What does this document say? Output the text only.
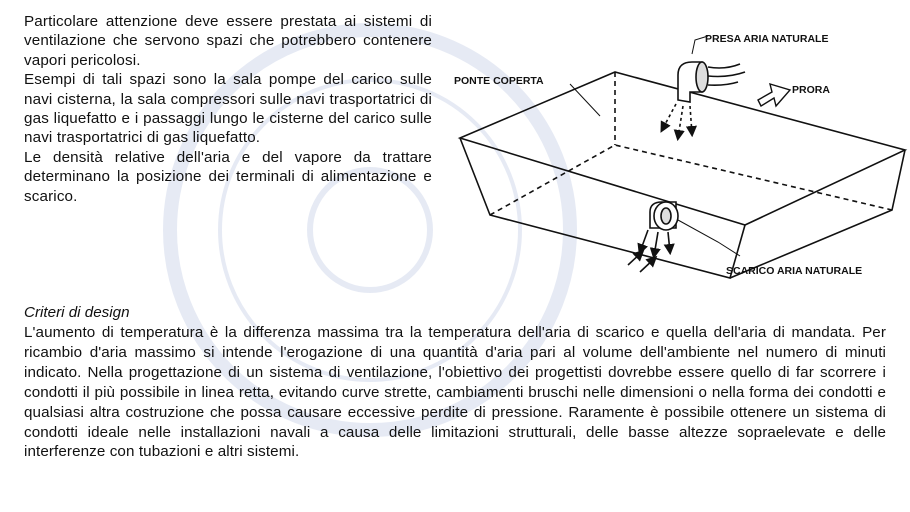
Particolare attenzione deve essere prestata ai sistemi di ventilazione che servono spazi che potrebbero contenere vapori pericolosi.

Esempi di tali spazi sono la sala pompe del carico sulle navi cisterna, la sala compressori sulle navi trasportatrici di gas liquefatto e i passaggi lungo le cisterne del carico sulle navi trasportatrici di gas liquefatto.

Le densità relative dell'aria e del vapore da trattare determinano la posizione dei terminali di alimentazione e scarico.

PRESA ARIA NATURALE
PONTE COPERTA
PRORA
SCARICO ARIA NATURALE
Criteri di design
L'aumento di temperatura è la differenza massima tra la temperatura dell'aria di scarico e quella dell'aria di mandata. Per ricambio d'aria massimo si intende l'erogazione di una quantità d'aria pari al volume dell'ambiente nel numero di minuti indicato. Nella progettazione di un sistema di ventilazione, l'obiettivo dei progettisti dovrebbe essere quello di far scorrere i condotti il più possibile in linea retta, evitando curve strette, cambiamenti bruschi nelle dimensioni o nella forma dei condotti e qualsiasi altra costruzione che possa causare eccessive perdite di pressione. Raramente è possibile ottenere un sistema di condotti ideale nelle installazioni navali a causa delle limitazioni strutturali, delle basse altezze sopraelevate e delle interferenze con tubazioni e altri sistemi.
